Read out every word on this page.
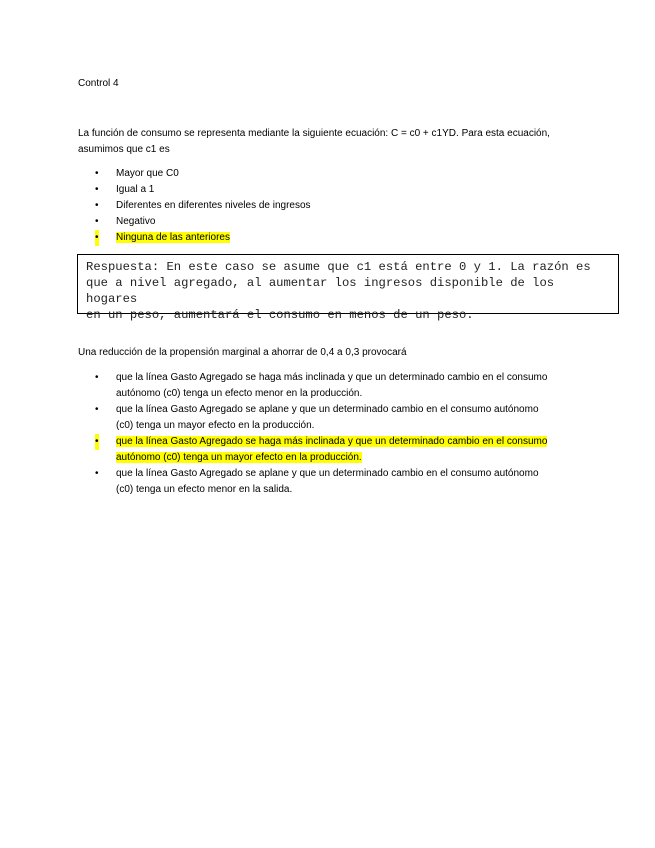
Control 4
La función de consumo se representa mediante la siguiente ecuación: C = c0 + c1YD. Para esta ecuación, asumimos que c1 es
• Mayor que C0
• Igual a 1
• Diferentes en diferentes niveles de ingresos
• Negativo
• Ninguna de las anteriores
Respuesta: En este caso se asume que c1 está entre 0 y 1. La razón es
que a nivel agregado, al aumentar los ingresos disponible de los hogares
en un peso, aumentará el consumo en menos de un peso.
Una reducción de la propensión marginal a ahorrar de 0,4 a 0,3 provocará
• que la línea Gasto Agregado se haga más inclinada y que un determinado cambio en el consumo
autónomo (c0) tenga un efecto menor en la producción.
• que la línea Gasto Agregado se aplane y que un determinado cambio en el consumo autónomo
(c0) tenga un mayor efecto en la producción.
• que la línea Gasto Agregado se haga más inclinada y que un determinado cambio en el consumo
autónomo (c0) tenga un mayor efecto en la producción.
• que la línea Gasto Agregado se aplane y que un determinado cambio en el consumo autónomo
(c0) tenga un efecto menor en la salida.
